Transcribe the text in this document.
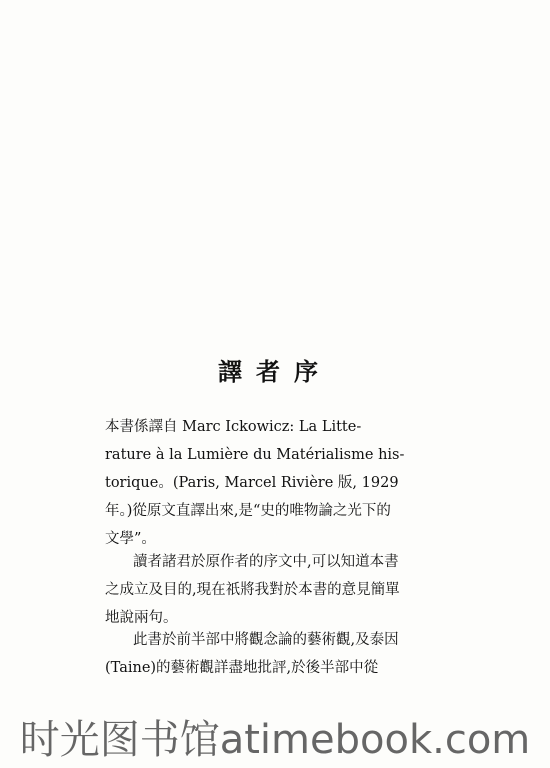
譯者序
本書係譯自 Marc Ickowicz: La Litte-
rature à la Lumière du Matérialisme his-
torique。(Paris, Marcel Rivière 版, 1929
年。)從原文直譯出來,是“史的唯物論之光下的
文學”。
讀者諸君於原作者的序文中,可以知道本書
之成立及目的,現在祇將我對於本書的意見簡單
地說兩句。
此書於前半部中將觀念論的藝術觀,及泰因
(Taine)的藝術觀詳盡地批評,於後半部中從
时光图书馆atimebook.com
